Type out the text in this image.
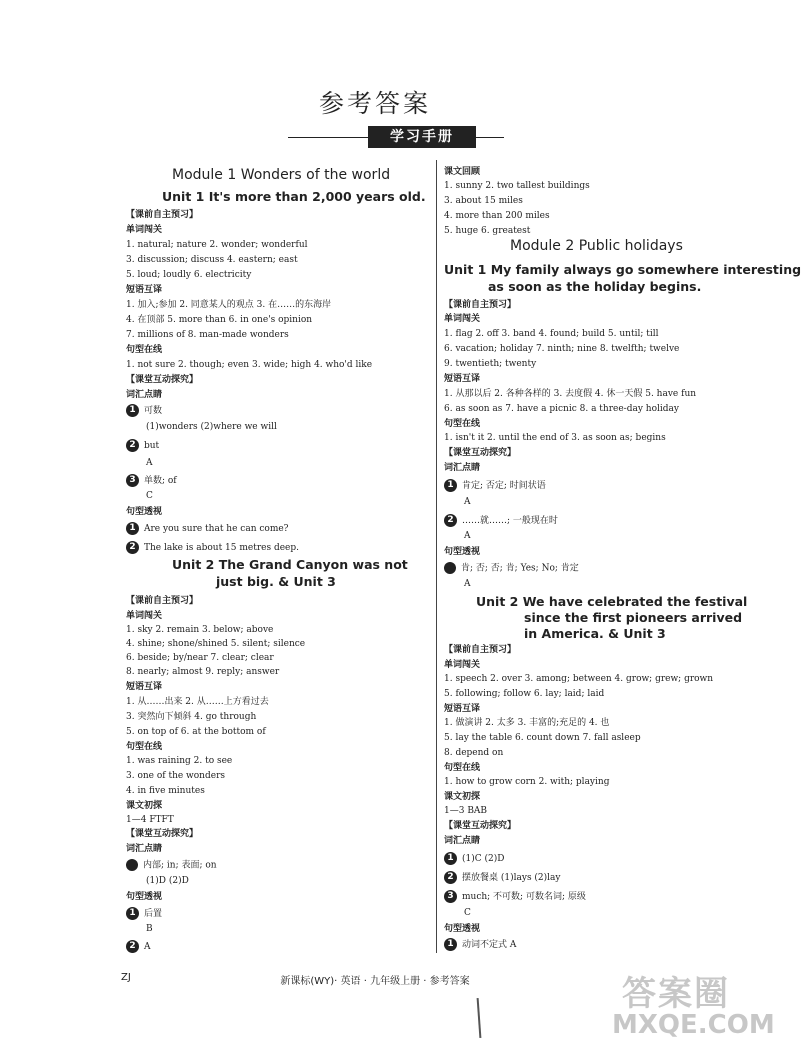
参考答案
学习手册
Module 1 Wonders of the world
Unit 1 It's more than 2,000 years old.
【课前自主预习】
单词闯关
1. natural; nature 2. wonder; wonderful
3. discussion; discuss 4. eastern; east
5. loud; loudly 6. electricity
短语互译
1. 加入;参加 2. 同意某人的观点 3. 在……的东海岸
4. 在顶部 5. more than 6. in one's opinion
7. millions of 8. man-made wonders
句型在线
1. not sure 2. though; even 3. wide; high 4. who'd like
【课堂互动探究】
词汇点睛
1 可数
(1)wonders (2)where we will
2 but
A
3 单数; of
C
句型透视
1 Are you sure that he can come?
2 The lake is about 15 metres deep.
Unit 2 The Grand Canyon was not
just big. & Unit 3
【课前自主预习】
单词闯关
1. sky 2. remain 3. below; above
4. shine; shone/shined 5. silent; silence
6. beside; by/near 7. clear; clear
8. nearly; almost 9. reply; answer
短语互译
1. 从……出来 2. 从……上方看过去
3. 突然向下倾斜 4. go through
5. on top of 6. at the bottom of
句型在线
1. was raining 2. to see
3. one of the wonders
4. in five minutes
课文初探
1—4 FTFT
【课堂互动探究】
词汇点睛
内部; in; 表面; on
(1)D (2)D
句型透视
1 后置
B
2 A
课文回顾
1. sunny 2. two tallest buildings
3. about 15 miles
4. more than 200 miles
5. huge 6. greatest
Module 2 Public holidays
Unit 1 My family always go somewhere interesting
as soon as the holiday begins.
【课前自主预习】
单词闯关
1. flag 2. off 3. band 4. found; build 5. until; till
6. vacation; holiday 7. ninth; nine 8. twelfth; twelve
9. twentieth; twenty
短语互译
1. 从那以后 2. 各种各样的 3. 去度假 4. 休一天假 5. have fun
6. as soon as 7. have a picnic 8. a three-day holiday
句型在线
1. isn't it 2. until the end of 3. as soon as; begins
【课堂互动探究】
词汇点睛
1 肯定; 否定; 时间状语
A
2 ……就……; 一般现在时
A
句型透视
肯; 否; 否; 肯; Yes; No; 肯定
A
Unit 2 We have celebrated the festival
since the first pioneers arrived
in America. & Unit 3
【课前自主预习】
单词闯关
1. speech 2. over 3. among; between 4. grow; grew; grown
5. following; follow 6. lay; laid; laid
短语互译
1. 做演讲 2. 太多 3. 丰富的;充足的 4. 也
5. lay the table 6. count down 7. fall asleep
8. depend on
句型在线
1. how to grow corn 2. with; playing
课文初探
1—3 BAB
【课堂互动探究】
词汇点睛
1 (1)C (2)D
2 摆放餐桌 (1)lays (2)lay
3 much; 不可数; 可数名词; 原级
C
句型透视
1 动词不定式 A
ZJ	新课标(WY)· 英语 · 九年级上册 · 参考答案	答案圈
MXQE.COM
